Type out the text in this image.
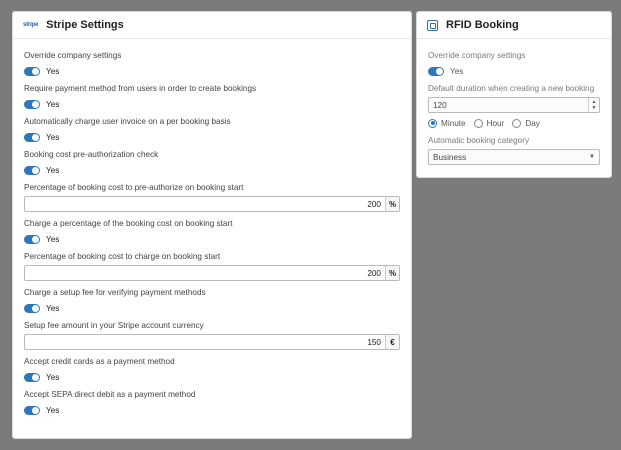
stripe Stripe Settings
Override company settings
Yes
Require payment method from users in order to create bookings
Yes
Automatically charge user invoice on a per booking basis
Yes
Booking cost pre-authorization check
Yes
Percentage of booking cost to pre-authorize on booking start
200 %
Charge a percentage of the booking cost on booking start
Yes
Percentage of booking cost to charge on booking start
200 %
Charge a setup fee for verifying payment methods
Yes
Setup fee amount in your Stripe account currency
150	€
Accept credit cards as a payment method
Yes
Accept SEPA direct debit as a payment method
Yes
RFID Booking
Override company settings
Yes
Default duration when creating a new booking
120	▲
▼
Minute	Hour	Day
Automatic booking category
Business	▼
